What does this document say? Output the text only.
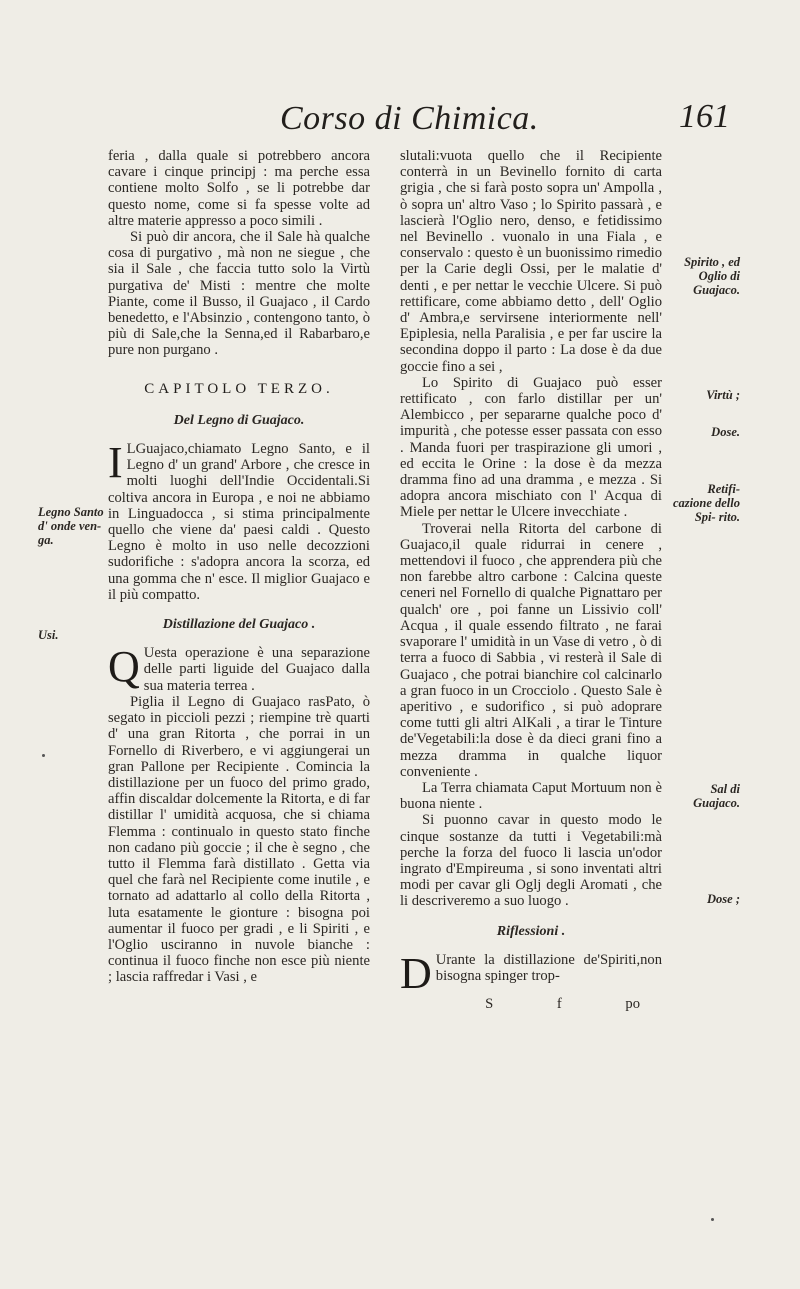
Corso di Chimica.	161

feria , dalla quale si potrebbero ancora cavare i cinque principj : ma perche essa contiene molto Solfo , se li potrebbe dar questo nome, come si fa spesse volte ad altre materie appresso a poco simili .

Si può dir ancora, che il Sale hà qualche cosa di purgativo , mà non ne siegue , che sia il Sale , che faccia tutto solo la Virtù purgativa de' Misti : mentre che molte Piante, come il Busso, il Guajaco , il Cardo benedetto, e l'Absinzio , contengono tanto, ò più di Sale,che la Senna,ed il Rabarbaro,e pure non purgano .

CAPITOLO TERZO.
Del Legno di Guajaco.
I LGuajaco,chiamato Legno Santo, e il Legno d' un grand' Arbore , che cresce in molti luoghi dell'Indie Occidentali.Si coltiva ancora in Europa , e noi ne abbiamo in Linguadocca , si stima principalmente quello che viene da' paesi caldi . Questo Legno è molto in uso nelle decozzioni sudorifiche : s'adopra ancora la scorza, ed una gomma che n' esce. Il miglior Guajaco e il più compatto.

Distillazione del Guajaco .
Q Uesta operazione è una separazione delle parti liguide del Guajaco dalla sua materia terrea .

Piglia il Legno di Guajaco rasPato, ò segato in piccioli pezzi ; riempine trè quarti d' una gran Ritorta , che porrai in un Fornello di Riverbero, e vi aggiungerai un gran Pallone per Recipiente . Comincia la distillazione per un fuoco del primo grado, affin discaldar dolcemente la Ritorta, e di far distillar l' umidità acquosa, che si chiama Flemma : continualo in questo stato finche non cadano più goccie ; il che è segno , che tutto il Flemma farà distillato . Getta via quel che farà nel Recipiente come inutile , e tornato ad adattarlo al collo della Ritorta , luta esatamente le gionture : bisogna poi aumentar il fuoco per gradi , e li Spiriti , e l'Oglio usciranno in nuvole bianche : continua il fuoco finche non esce più niente ; lasciа raffredar i Vasi , e

slutali:vuota quello che il Recipiente conterrà in un Bevinello fornito di carta grigia , che si farà posto sopra un' Ampolla , ò sopra un' altro Vaso ; lo Spirito passarà , e lascierà l'Oglio nero, denso, e fetidissimo nel Bevinello . vuonalo in una Fiala , e conservalo : questo è un buonissimo rimedio per la Carie degli Ossi, per le malatie d' denti , e per nettar le vecchie Ulcere. Si può rettificare, come abbiamo detto , dell' Oglio d' Ambra,e servirsene interiormente nell' Epiplesia, nella Paralisia , e per far uscire la secondina doppo il parto : La dose è da due goccie fino a sei ,

Lo Spirito di Guajaco può esser rettificato , con farlo distillar per un' Alembicco , per separarne qualche poco d' impurità , che potesse esser passata con esso . Manda fuori per traspirazione gli umori , ed eccita le Orine : la dose è da mezza dramma fino ad una dramma , e mezza . Si adopra ancora mischiato con l' Acqua di Miele per nettar le Ulcere invecchiate .

Troverai nella Ritorta del carbone di Guajaco,il quale ridurrai in cenere , mettendovi il fuoco , che apprendera più che non farebbe altro carbone : Calcina queste ceneri nel Fornello di qualche Pignattaro per qualch' ore , poi fanne un Lissivio coll' Acqua , il quale essendo filtrato , ne farai svaporare l' umidità in un Vase di vetro , ò di terra a fuoco di Sabbia , vi resterà il Sale di Guajaco , che potrai bianchire col calcinarlo a gran fuoco in un Crocciolo . Questo Sale è aperitivo , e sudorifico , si può adoprare come tutti gli altri AlKali , a tirar le Tinture de'Vegetabili:la dose è da dieci grani fino a mezza dramma in qualche liquor conveniente .

La Terra chiamata Caput Mortuum non è buona niente .

Si puonno cavar in questo modo le cinque sostanze da tutti i Vegetabili:mà perche la forza del fuoco li lascia un'odor ingrato d'Empireuma , si sono inventati altri modi per cavar gli Oglj degli Aromati , che li descriveremo a suo luogo .

Riflessioni .
D Urante la distillazione de'Spiriti,non bisogna spinger trop-

S f	po
Legno Santo d' onde ven- ga.
Usi.
Spirito , ed Oglio di Guajaco.
Virtù ;
Dose.
Retifi- cazione dello Spi- rito.
Sal di Guajaco.
Dose ;
